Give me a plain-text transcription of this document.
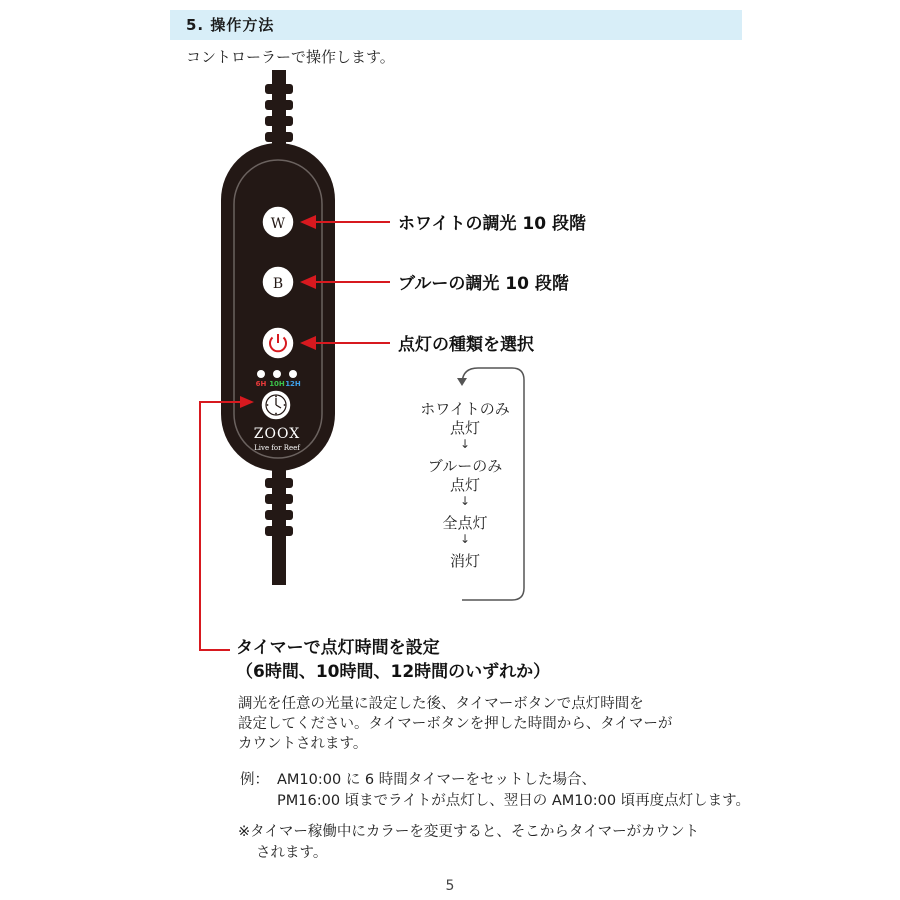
5. 操作方法
コントローラーで操作します。
W
B
6H 10H 12H
ZOOX
Live for Reef
ホワイトの調光 10 段階
ブルーの調光 10 段階
点灯の種類を選択
ホワイトのみ
点灯
↓
ブルーのみ
点灯
↓
全点灯
↓
消灯
タイマーで点灯時間を設定
（6時間、10時間、12時間のいずれか）
調光を任意の光量に設定した後、タイマーボタンで点灯時間を
設定してください。タイマーボタンを押した時間から、タイマーが
カウントされます。
例： AM10:00 に 6 時間タイマーをセットした場合、
PM16:00 頃までライトが点灯し、翌日の AM10:00 頃再度点灯します。
※タイマー稼働中にカラーを変更すると、そこからタイマーがカウント
されます。
5
